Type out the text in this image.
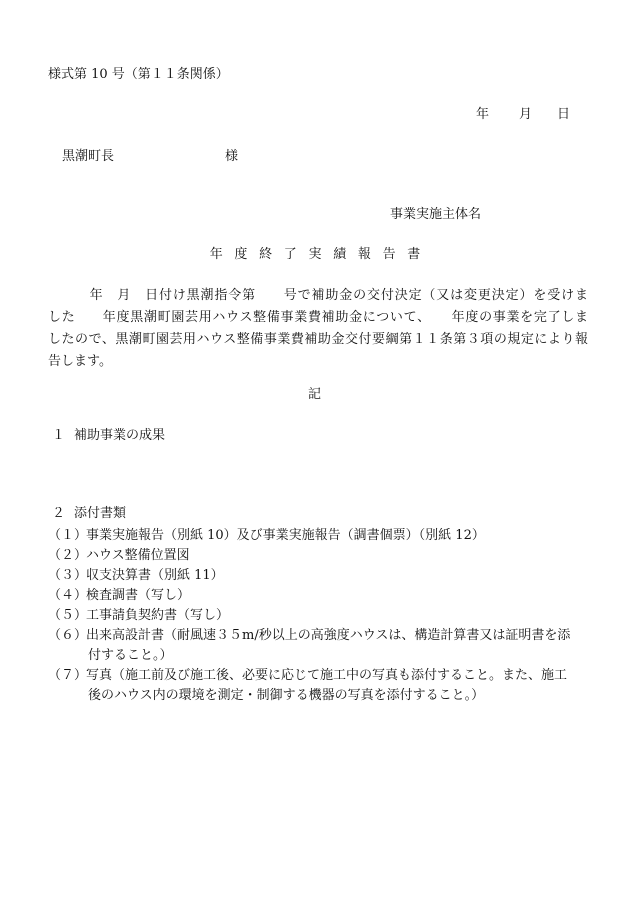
様式第 10 号（第１１条関係）
年 月 日
黒潮町長	様
事業実施主体名
年度終了実績報告書
　　　年　月　日付け黒潮指令第　　号で補助金の交付決定（又は変更決定）を受けま
した　　年度黒潮町園芸用ハウス整備事業費補助金について、　　年度の事業を完了しま
したので、黒潮町園芸用ハウス整備事業費補助金交付要綱第１１条第３項の規定により報
告します。
記
１ 補助事業の成果
２ 添付書類
（１）事業実施報告（別紙 10）及び事業実施報告（調書個票）（別紙 12）
（２）ハウス整備位置図
（３）収支決算書（別紙 11）
（４）検査調書（写し）
（５）工事請負契約書（写し）
（６）出来高設計書（耐風速３５m/秒以上の高強度ハウスは、構造計算書又は証明書を添
付すること。）
（７）写真（施工前及び施工後、必要に応じて施工中の写真も添付すること。また、施工
後のハウス内の環境を測定・制御する機器の写真を添付すること。）
